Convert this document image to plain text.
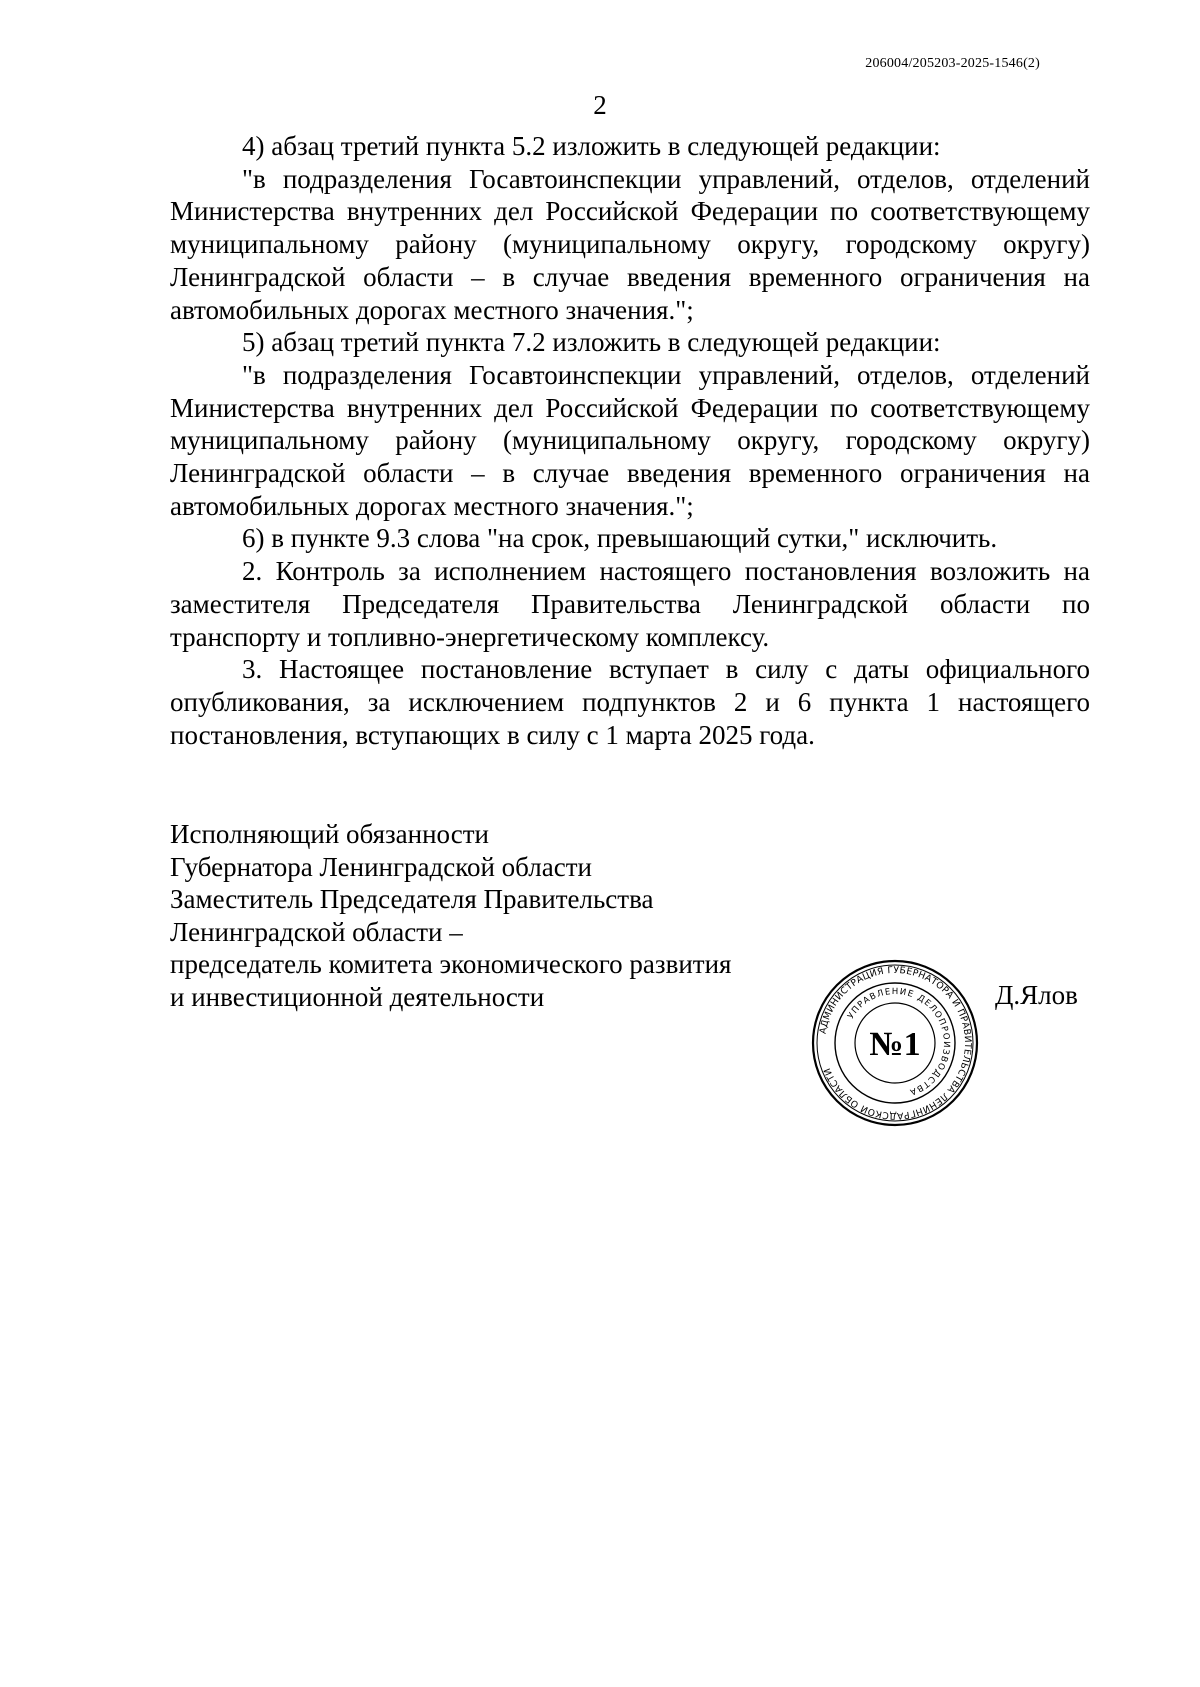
206004/205203-2025-1546(2)
2

4) абзац третий пункта 5.2 изложить в следующей редакции:

"в подразделения Госавтоинспекции управлений, отделов, отделений Министерства внутренних дел Российской Федерации по соответствующему муниципальному району (муниципальному округу, городскому округу) Ленинградской области – в случае введения временного ограничения на автомобильных дорогах местного значения.";

5) абзац третий пункта 7.2 изложить в следующей редакции:

"в подразделения Госавтоинспекции управлений, отделов, отделений Министерства внутренних дел Российской Федерации по соответствующему муниципальному району (муниципальному округу, городскому округу) Ленинградской области – в случае введения временного ограничения на автомобильных дорогах местного значения.";

6) в пункте 9.3 слова "на срок, превышающий сутки," исключить.

2. Контроль за исполнением настоящего постановления возложить на заместителя Председателя Правительства Ленинградской области по транспорту и топливно-энергетическому комплексу.

3. Настоящее постановление вступает в силу с даты официального опубликования, за исключением подпунктов 2 и 6 пункта 1 настоящего постановления, вступающих в силу с 1 марта 2025 года.

Исполняющий обязанности
Губернатора Ленинградской области
Заместитель Председателя Правительства
Ленинградской области –
председатель комитета экономического развития
и инвестиционной деятельности
АДМИНИСТРАЦИЯ ГУБЕРНАТОРА И ПРАВИТЕЛЬСТВА ЛЕНИНГРАДСКОЙ ОБЛАСТИ
УПРАВЛЕНИЕ ДЕЛОПРОИЗВОДСТВА
№1
Д.Ялов
